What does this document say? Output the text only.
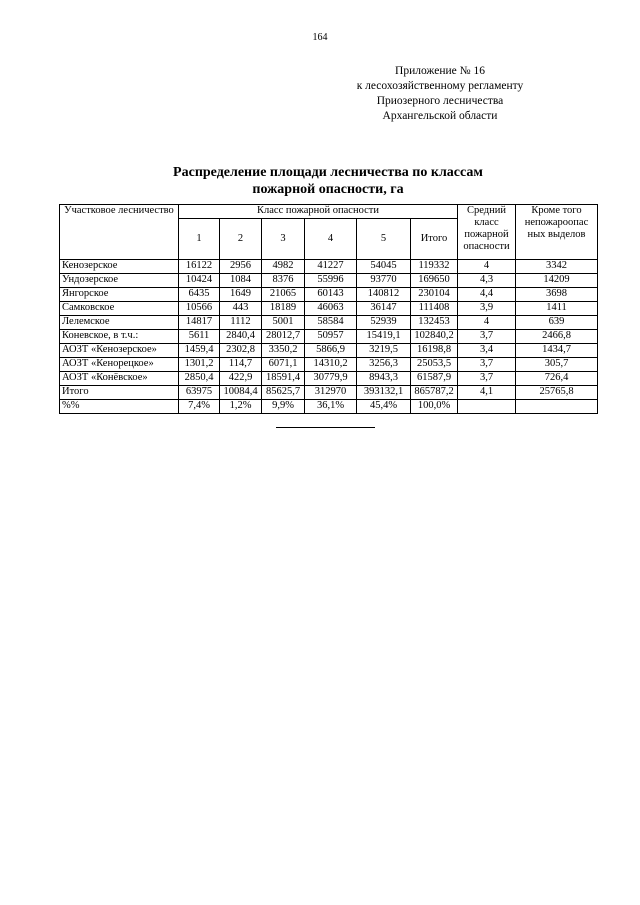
164
Приложение № 16
к лесохозяйственному регламенту
Приозерного лесничества
Архангельской области
Распределение площади лесничества по классам
пожарной опасности, га
Участковое лесничество	Класс пожарной опасности						Средний класс пожарной опасности	Кроме того непожароопас ных выделов
	1	2	3	4	5	Итого		
Кенозерское	16122	2956	4982	41227	54045	119332	4	3342
Ундозерское	10424	1084	8376	55996	93770	169650	4,3	14209
Янгорское	6435	1649	21065	60143	140812	230104	4,4	3698
Самковское	10566	443	18189	46063	36147	111408	3,9	1411
Лелемское	14817	1112	5001	58584	52939	132453	4	639
Коневское, в т.ч.:	5611	2840,4	28012,7	50957	15419,1	102840,2	3,7	2466,8
АОЗТ «Кенозерское»	1459,4	2302,8	3350,2	5866,9	3219,5	16198,8	3,4	1434,7
АОЗТ «Кенорецкое»	1301,2	114,7	6071,1	14310,2	3256,3	25053,5	3,7	305,7
АОЗТ «Конёвское»	2850,4	422,9	18591,4	30779,9	8943,3	61587,9	3,7	726,4
Итого	63975	10084,4	85625,7	312970	393132,1	865787,2	4,1	25765,8
%%	7,4%	1,2%	9,9%	36,1%	45,4%	100,0%		
